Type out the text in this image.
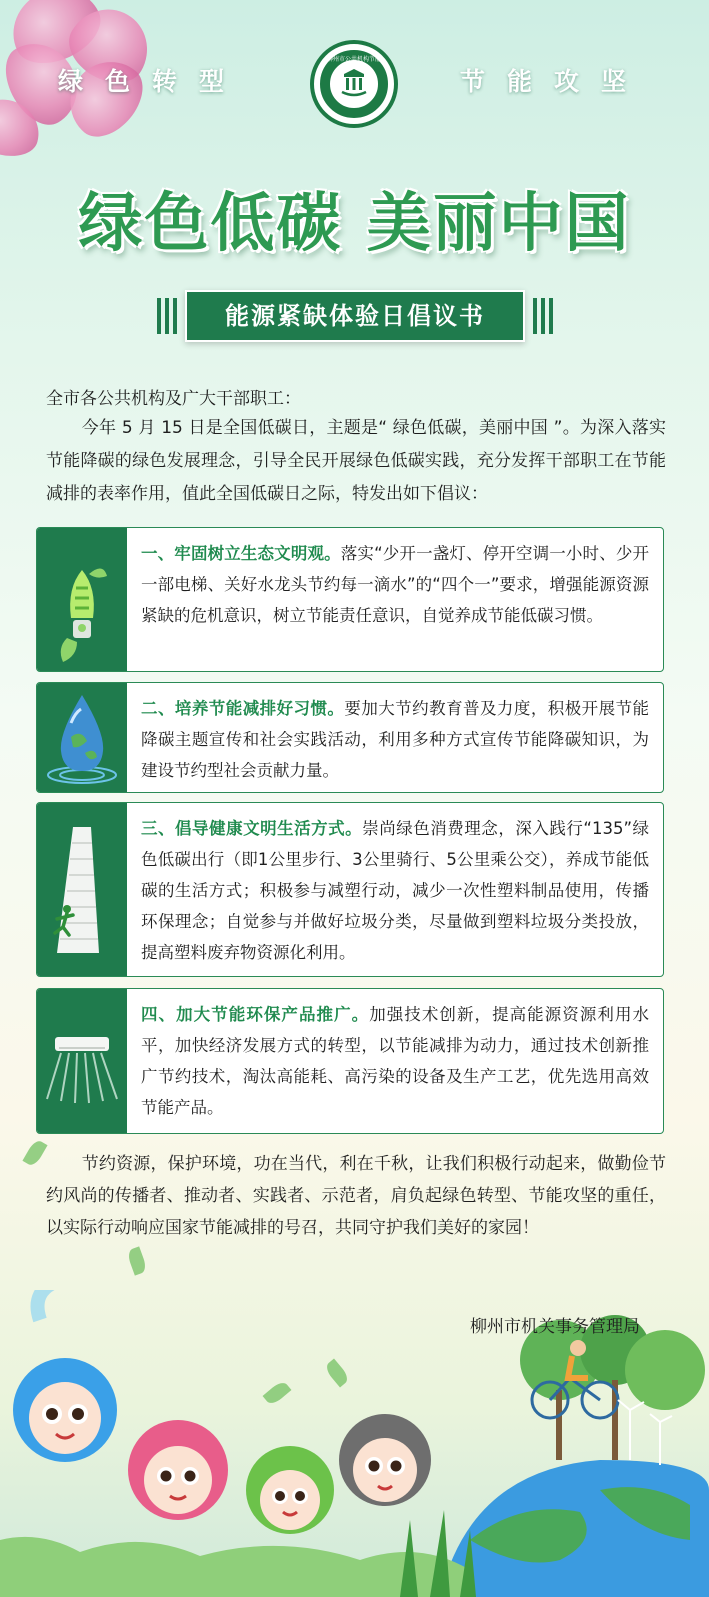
绿色转型	节能攻坚
柳州市公共机构节能
绿色低碳 美丽中国
能源紧缺体验日倡议书
全市各公共机构及广大干部职工：
今年 5 月 15 日是全国低碳日，主题是“ 绿色低碳，美丽中国 ”。为深入落实节能降碳的绿色发展理念，引导全民开展绿色低碳实践，充分发挥干部职工在节能减排的表率作用，值此全国低碳日之际，特发出如下倡议：
一、牢固树立生态文明观。落实“少开一盏灯、停开空调一小时、少开一部电梯、关好水龙头节约每一滴水”的“四个一”要求，增强能源资源紧缺的危机意识，树立节能责任意识，自觉养成节能低碳习惯。
二、培养节能减排好习惯。要加大节约教育普及力度，积极开展节能降碳主题宣传和社会实践活动，利用多种方式宣传节能降碳知识，为建设节约型社会贡献力量。
三、倡导健康文明生活方式。崇尚绿色消费理念，深入践行“135”绿色低碳出行（即1公里步行、3公里骑行、5公里乘公交），养成节能低碳的生活方式；积极参与减塑行动，减少一次性塑料制品使用，传播环保理念；自觉参与并做好垃圾分类，尽量做到塑料垃圾分类投放，提高塑料废弃物资源化利用。
四、加大节能环保产品推广。加强技术创新，提高能源资源利用水平，加快经济发展方式的转型，以节能减排为动力，通过技术创新推广节约技术，淘汰高能耗、高污染的设备及生产工艺，优先选用高效节能产品。
节约资源，保护环境，功在当代，利在千秋，让我们积极行动起来，做勤俭节约风尚的传播者、推动者、实践者、示范者，肩负起绿色转型、节能攻坚的重任，以实际行动响应国家节能减排的号召，共同守护我们美好的家园！
柳州市机关事务管理局
